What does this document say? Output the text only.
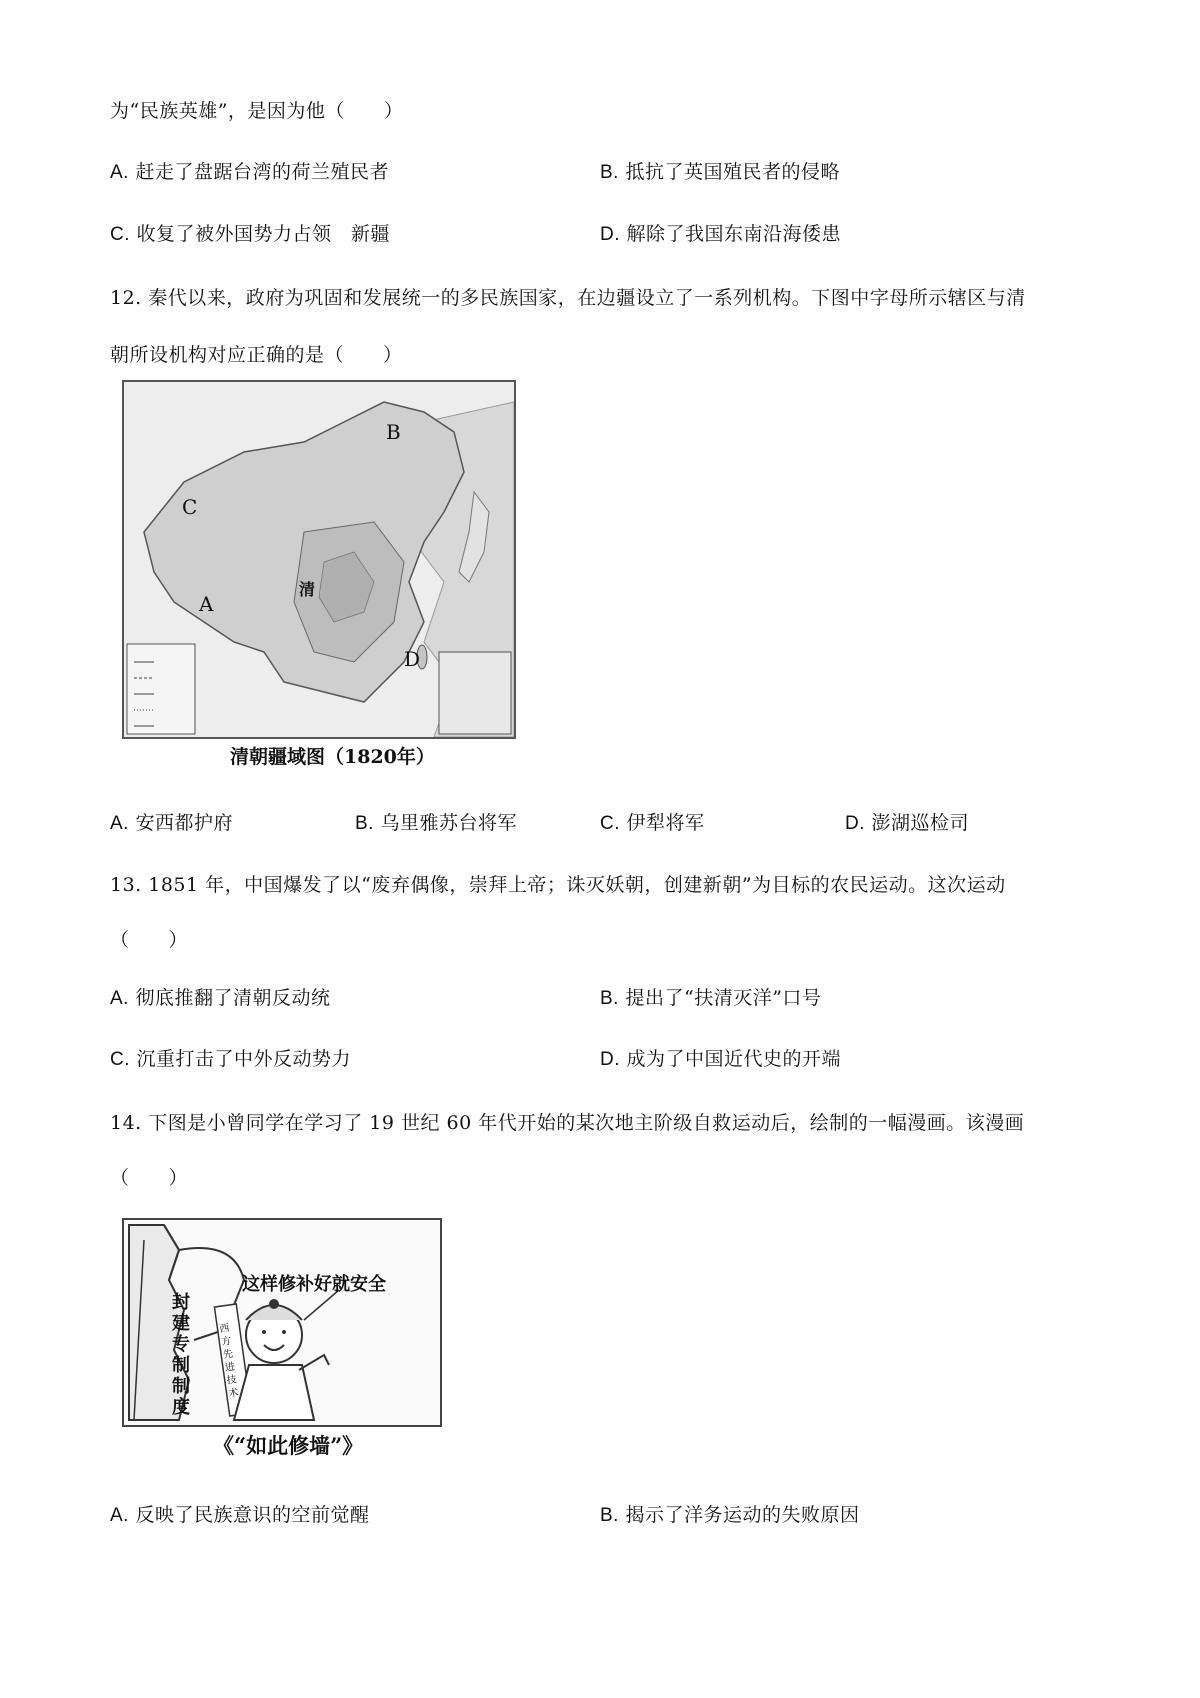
为“民族英雄”，是因为他（　　）
A. 赶走了盘踞台湾的荷兰殖民者	B. 抵抗了英国殖民者的侵略
C. 收复了被外国势力占领　新疆	D. 解除了我国东南沿海倭患
12. 秦代以来，政府为巩固和发展统一的多民族国家，在边疆设立了一系列机构。下图中字母所示辖区与清
朝所设机构对应正确的是（　　）
A
B
C
D
清
清朝疆域图（1820年）
A. 安西都护府	B. 乌里雅苏台将军	C. 伊犁将军	D. 澎湖巡检司
13. 1851 年，中国爆发了以“废弃偶像，崇拜上帝；诛灭妖朝，创建新朝”为目标的农民运动。这次运动
（　　）
A. 彻底推翻了清朝反动统	B. 提出了“扶清灭洋”口号
C. 沉重打击了中外反动势力	D. 成为了中国近代史的开端
14. 下图是小曾同学在学习了 19 世纪 60 年代开始的某次地主阶级自救运动后，绘制的一幅漫画。该漫画
（　　）
这样修补好就安全
封建专制制度
西方先进技术
《“如此修墙”》
A. 反映了民族意识的空前觉醒	B. 揭示了洋务运动的失败原因
